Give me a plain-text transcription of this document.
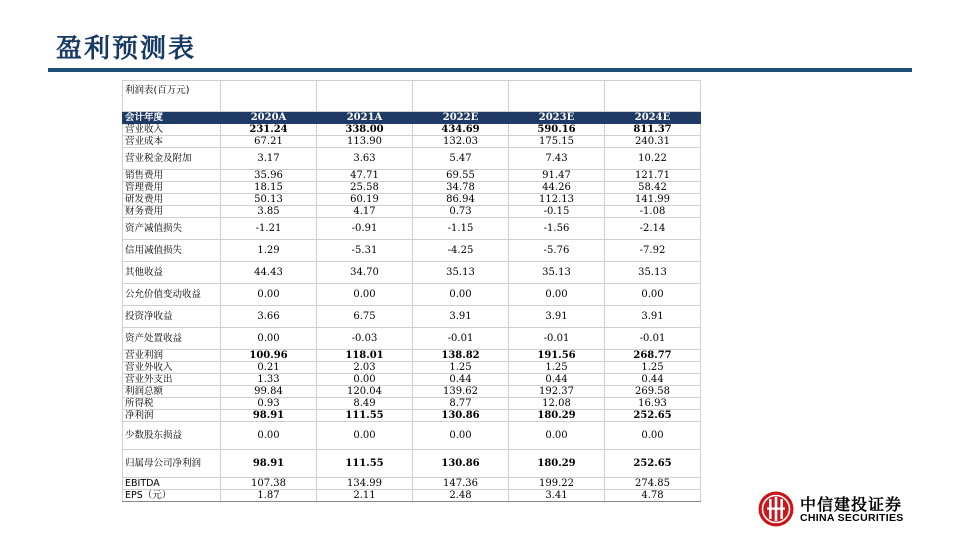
盈利预测表
利润表(百万元)					
会计年度	2020A	2021A	2022E	2023E	2024E
营业收入	231.24	338.00	434.69	590.16	811.37
营业成本	67.21	113.90	132.03	175.15	240.31
营业税金及附加	3.17	3.63	5.47	7.43	10.22
销售费用	35.96	47.71	69.55	91.47	121.71
管理费用	18.15	25.58	34.78	44.26	58.42
研发费用	50.13	60.19	86.94	112.13	141.99
财务费用	3.85	4.17	0.73	-0.15	-1.08
资产减值损失	-1.21	-0.91	-1.15	-1.56	-2.14
信用减值损失	1.29	-5.31	-4.25	-5.76	-7.92
其他收益	44.43	34.70	35.13	35.13	35.13
公允价值变动收益	0.00	0.00	0.00	0.00	0.00
投资净收益	3.66	6.75	3.91	3.91	3.91
资产处置收益	0.00	-0.03	-0.01	-0.01	-0.01
营业利润	100.96	118.01	138.82	191.56	268.77
营业外收入	0.21	2.03	1.25	1.25	1.25
营业外支出	1.33	0.00	0.44	0.44	0.44
利润总额	99.84	120.04	139.62	192.37	269.58
所得税	0.93	8.49	8.77	12.08	16.93
净利润	98.91	111.55	130.86	180.29	252.65
少数股东损益	0.00	0.00	0.00	0.00	0.00
归属母公司净利润	98.91	111.55	130.86	180.29	252.65
EBITDA	107.38	134.99	147.36	199.22	274.85
EPS（元）	1.87	2.11	2.48	3.41	4.78	中信建投证券
CHINA SECURITIES
